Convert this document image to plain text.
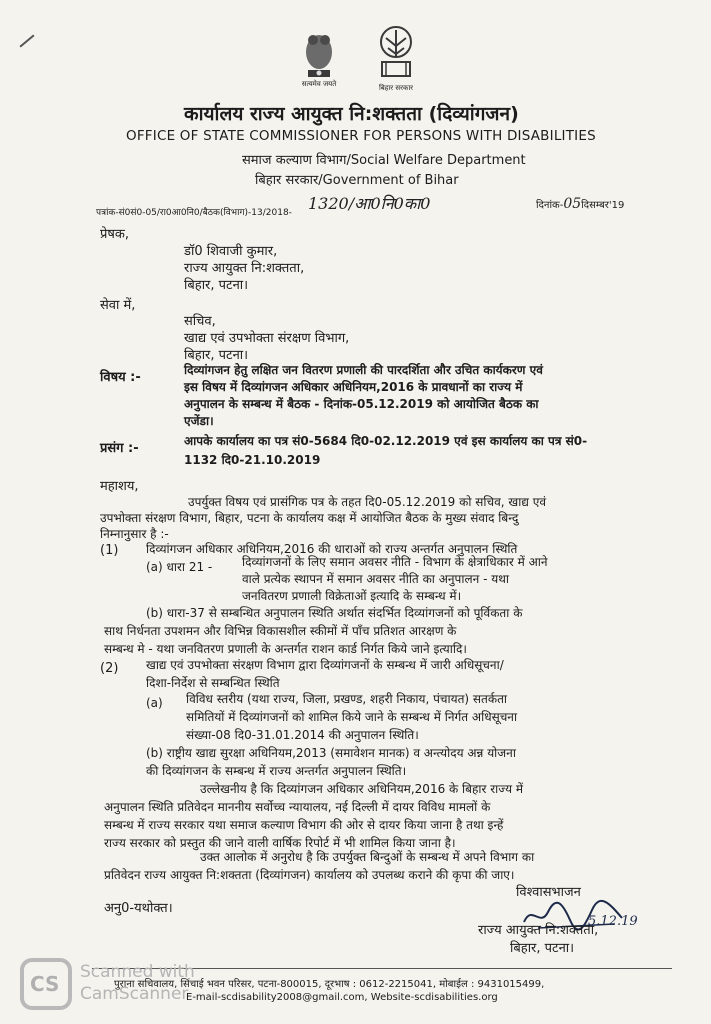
सत्यमेव जयते	बिहार सरकार
कार्यालय राज्य आयुक्त नि:शक्तता (दिव्यांगजन)
OFFICE OF STATE COMMISSIONER FOR PERSONS WITH DISABILITIES
समाज कल्याण विभाग/Social Welfare Department
बिहार सरकार/Government of Bihar
पत्रांक-सं0सं0-05/रा0आ0नि0/बैठक(विभाग)-13/2018- 1320/आ0नि0का0	दिनांक-05दिसम्बर'19
प्रेषक,
डॉ0 शिवाजी कुमार,
राज्य आयुक्त नि:शक्तता,
बिहार, पटना।
सेवा में,
सचिव,
खाद्य एवं उपभोक्ता संरक्षण विभाग,
बिहार, पटना।
विषय :-	दिव्यांगजन हेतु लक्षित जन वितरण प्रणाली की पारदर्शिता और उचित कार्यकरण एवं
इस विषय में दिव्यांगजन अधिकार अधिनियम,2016 के प्रावधानों का राज्य में
अनुपालन के सम्बन्ध में बैठक - दिनांक-05.12.2019 को आयोजित बैठक का
एजेंडा।
प्रसंग :-	आपके कार्यालय का पत्र सं0-5684 दि0-02.12.2019 एवं इस कार्यालय का पत्र सं0-
1132 दि0-21.10.2019
महाशय,
उपर्युक्त विषय एवं प्रासंगिक पत्र के तहत दि0-05.12.2019 को सचिव, खाद्य एवं
उपभोक्ता संरक्षण विभाग, बिहार, पटना के कार्यालय कक्ष में आयोजित बैठक के मुख्य संवाद बिन्दु
निम्नानुसार है :-
(1) दिव्यांगजन अधिकार अधिनियम,2016 की धाराओं को राज्य अन्तर्गत अनुपालन स्थिति
(a) धारा 21 - दिव्यांगजनों के लिए समान अवसर नीति - विभाग के क्षेत्राधिकार में आने
वाले प्रत्येक स्थापन में समान अवसर नीति का अनुपालन - यथा
जनवितरण प्रणाली विक्रेताओं इत्यादि के सम्बन्ध में।
(b) धारा-37 से सम्बन्धित अनुपालन स्थिति अर्थात संदर्भित दिव्यांगजनों को पूर्विकता के
साथ निर्धनता उपशमन और विभिन्न विकासशील स्कीमों में पाँच प्रतिशत आरक्षण के
सम्बन्ध मे - यथा जनवितरण प्रणाली के अन्तर्गत राशन कार्ड निर्गत किये जाने इत्यादि।
(2) खाद्य एवं उपभोक्ता संरक्षण विभाग द्वारा दिव्यांगजनों के सम्बन्ध में जारी अधिसूचना/
दिशा-निर्देश से सम्बन्धित स्थिति
(a) विविध स्तरीय (यथा राज्य, जिला, प्रखण्ड, शहरी निकाय, पंचायत) सतर्कता
समितियों में दिव्यांगजनों को शामिल किये जाने के सम्बन्ध में निर्गत अधिसूचना
संख्या-08 दि0-31.01.2014 की अनुपालन स्थिति।
(b) राष्ट्रीय खाद्य सुरक्षा अधिनियम,2013 (समावेशन मानक) व अन्त्योदय अन्न योजना
की दिव्यांगजन के सम्बन्ध में राज्य अन्तर्गत अनुपालन स्थिति।
उल्लेखनीय है कि दिव्यांगजन अधिकार अधिनियम,2016 के बिहार राज्य में
अनुपालन स्थिति प्रतिवेदन माननीय सर्वोच्च न्यायालय, नई दिल्ली में दायर विविध मामलों के
सम्बन्ध में राज्य सरकार यथा समाज कल्याण विभाग की ओर से दायर किया जाना है तथा इन्हें
राज्य सरकार को प्रस्तुत की जाने वाली वार्षिक रिपोर्ट में भी शामिल किया जाना है।
उक्त आलोक में अनुरोध है कि उपर्युक्त बिन्दुओं के सम्बन्ध में अपने विभाग का
प्रतिवेदन राज्य आयुक्त नि:शक्तता (दिव्यांगजन) कार्यालय को उपलब्ध कराने की कृपा की जाए।
विश्वासभाजन
राज्य आयुक्त नि:शक्तता,
5.12.19
बिहार, पटना।
अनु0-यथोक्त।
पुराना सचिवालय, सिंचाई भवन परिसर, पटना-800015, दूरभाष : 0612-2215041, मोबाईल : 9431015499,
E-mail-scdisability2008@gmail.com, Website-scdisabilities.org
CS Scanned with
CamScanner
